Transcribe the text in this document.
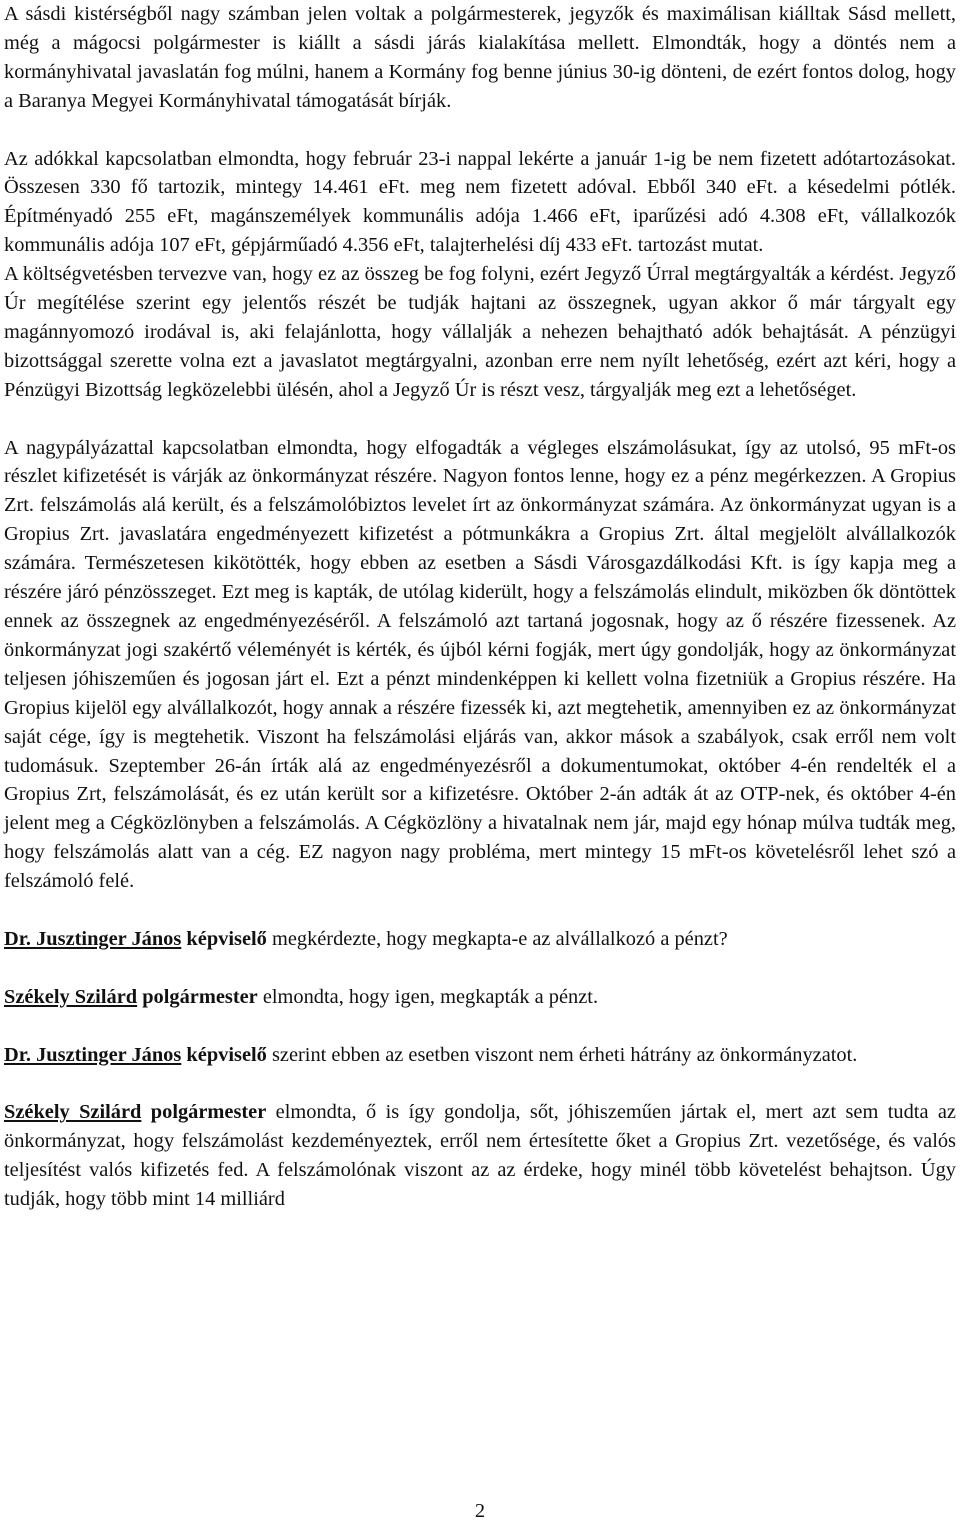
A sásdi kistérségből nagy számban jelen voltak a polgármesterek, jegyzők és maximálisan kiálltak Sásd mellett, még a mágocsi polgármester is kiállt a sásdi járás kialakítása mellett. Elmondták, hogy a döntés nem a kormányhivatal javaslatán fog múlni, hanem a Kormány fog benne június 30-ig dönteni, de ezért fontos dolog, hogy a Baranya Megyei Kormányhivatal támogatását bírják.

Az adókkal kapcsolatban elmondta, hogy február 23-i nappal lekérte a január 1-ig be nem fizetett adótartozásokat. Összesen 330 fő tartozik, mintegy 14.461 eFt. meg nem fizetett adóval. Ebből 340 eFt. a késedelmi pótlék. Építményadó 255 eFt, magánszemélyek kommunális adója 1.466 eFt, iparűzési adó 4.308 eFt, vállalkozók kommunális adója 107 eFt, gépjárműadó 4.356 eFt, talajterhelési díj 433 eFt. tartozást mutat.

A költségvetésben tervezve van, hogy ez az összeg be fog folyni, ezért Jegyző Úrral megtárgyalták a kérdést. Jegyző Úr megítélése szerint egy jelentős részét be tudják hajtani az összegnek, ugyan akkor ő már tárgyalt egy magánnyomozó irodával is, aki felajánlotta, hogy vállalják a nehezen behajtható adók behajtását. A pénzügyi bizottsággal szerette volna ezt a javaslatot megtárgyalni, azonban erre nem nyílt lehetőség, ezért azt kéri, hogy a Pénzügyi Bizottság legközelebbi ülésén, ahol a Jegyző Úr is részt vesz, tárgyalják meg ezt a lehetőséget.

A nagypályázattal kapcsolatban elmondta, hogy elfogadták a végleges elszámolásukat, így az utolsó, 95 mFt-os részlet kifizetését is várják az önkormányzat részére. Nagyon fontos lenne, hogy ez a pénz megérkezzen. A Gropius Zrt. felszámolás alá került, és a felszámolóbiztos levelet írt az önkormányzat számára. Az önkormányzat ugyan is a Gropius Zrt. javaslatára engedményezett kifizetést a pótmunkákra a Gropius Zrt. által megjelölt alvállalkozók számára. Természetesen kikötötték, hogy ebben az esetben a Sásdi Városgazdálkodási Kft. is így kapja meg a részére járó pénzösszeget. Ezt meg is kapták, de utólag kiderült, hogy a felszámolás elindult, miközben ők döntöttek ennek az összegnek az engedményezéséről. A felszámoló azt tartaná jogosnak, hogy az ő részére fizessenek. Az önkormányzat jogi szakértő véleményét is kérték, és újból kérni fogják, mert úgy gondolják, hogy az önkormányzat teljesen jóhiszeműen és jogosan járt el. Ezt a pénzt mindenképpen ki kellett volna fizetniük a Gropius részére. Ha Gropius kijelöl egy alvállalkozót, hogy annak a részére fizessék ki, azt megtehetik, amennyiben ez az önkormányzat saját cége, így is megtehetik. Viszont ha felszámolási eljárás van, akkor mások a szabályok, csak erről nem volt tudomásuk. Szeptember 26-án írták alá az engedményezésről a dokumentumokat, október 4-én rendelték el a Gropius Zrt, felszámolását, és ez után került sor a kifizetésre. Október 2-án adták át az OTP-nek, és október 4-én jelent meg a Cégközlönyben a felszámolás. A Cégközlöny a hivatalnak nem jár, majd egy hónap múlva tudták meg, hogy felszámolás alatt van a cég. EZ nagyon nagy probléma, mert mintegy 15 mFt-os követelésről lehet szó a felszámoló felé.

Dr. Jusztinger János képviselő megkérdezte, hogy megkapta-e az alvállalkozó a pénzt?

Székely Szilárd polgármester elmondta, hogy igen, megkapták a pénzt.

Dr. Jusztinger János képviselő szerint ebben az esetben viszont nem érheti hátrány az önkormányzatot.

Székely Szilárd polgármester elmondta, ő is így gondolja, sőt, jóhiszeműen jártak el, mert azt sem tudta az önkormányzat, hogy felszámolást kezdeményeztek, erről nem értesítette őket a Gropius Zrt. vezetősége, és valós teljesítést valós kifizetés fed. A felszámolónak viszont az az érdeke, hogy minél több követelést behajtson. Úgy tudják, hogy több mint 14 milliárd

2
